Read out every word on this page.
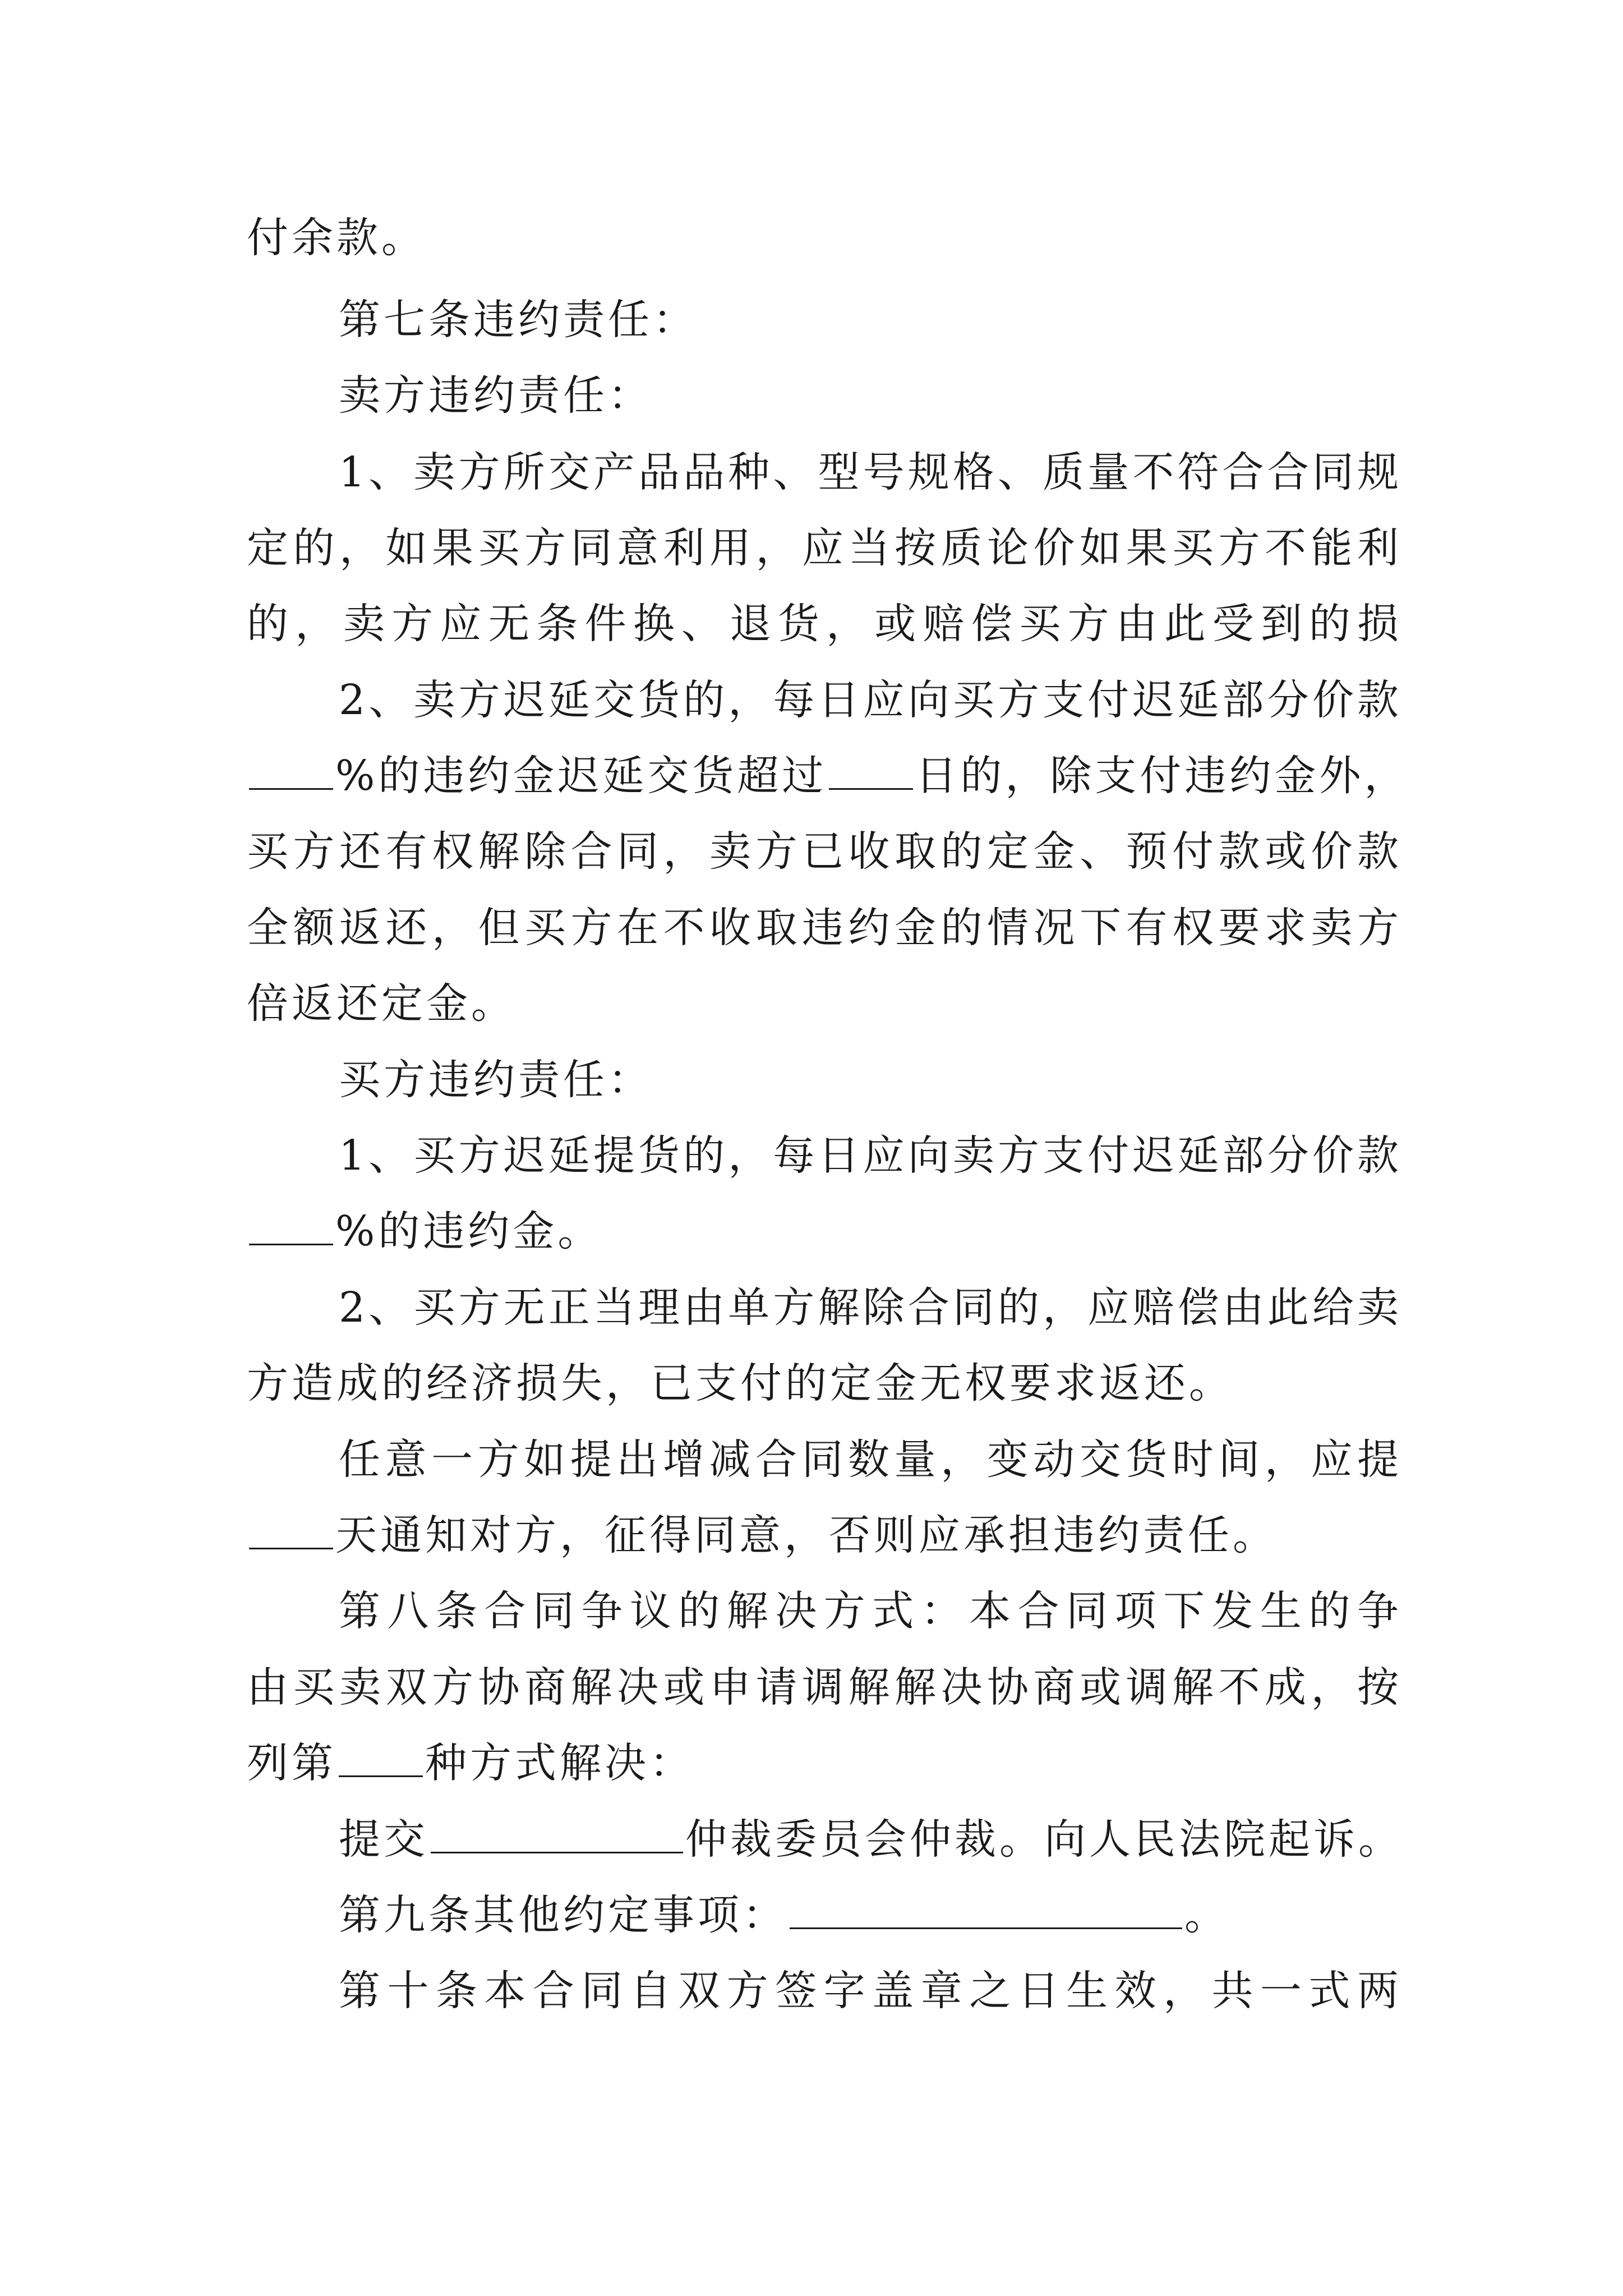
付余款。
第七条违约责任：
卖方违约责任：
1、卖方所交产品品种、型号规格、质量不符合合同规
定的，如果买方同意利用，应当按质论价如果买方不能利
的，卖方应无条件换、退货，或赔偿买方由此受到的损
2、卖方迟延交货的，每日应向买方支付迟延部分价款
%的违约金迟延交货超过 日的，除支付违约金外，
买方还有权解除合同，卖方已收取的定金、预付款或价款
全额返还，但买方在不收取违约金的情况下有权要求卖方
倍返还定金。
买方违约责任：
1、买方迟延提货的，每日应向卖方支付迟延部分价款
%的违约金。
2、买方无正当理由单方解除合同的，应赔偿由此给卖
方造成的经济损失，已支付的定金无权要求返还。
任意一方如提出增减合同数量，变动交货时间，应提
天通知对方，征得同意，否则应承担违约责任。
第八条合同争议的解决方式：本合同项下发生的争
由买卖双方协商解决或申请调解解决协商或调解不成，按
列第 种方式解决：
提交	仲裁委员会仲裁。向人民法院起诉。
第九条其他约定事项：	。
第十条本合同自双方签字盖章之日生效，共一式两
